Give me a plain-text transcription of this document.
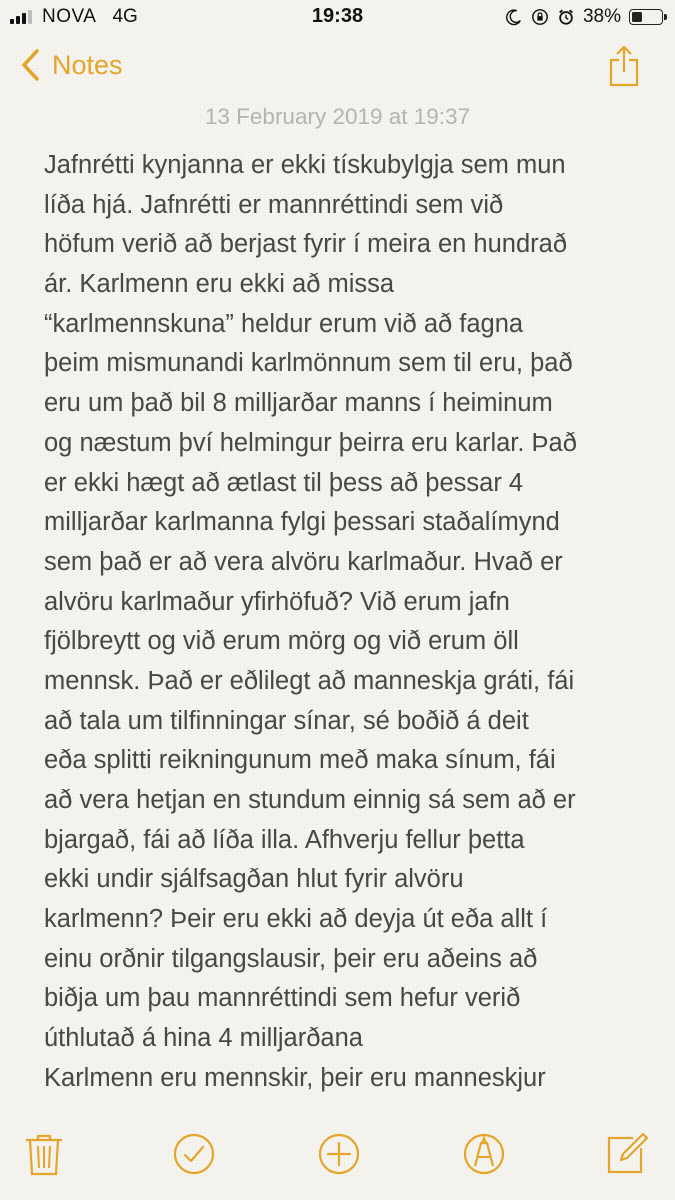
NOVA 4G	19:38	38%
Notes
13 February 2019 at 19:37
Jafnrétti kynjanna er ekki tískubylgja sem mun
líða hjá. Jafnrétti er mannréttindi sem við
höfum verið að berjast fyrir í meira en hundrað
ár. Karlmenn eru ekki að missa
“karlmennskuna” heldur erum við að fagna
þeim mismunandi karlmönnum sem til eru, það
eru um það bil 8 milljarðar manns í heiminum
og næstum því helmingur þeirra eru karlar. Það
er ekki hægt að ætlast til þess að þessar 4
milljarðar karlmanna fylgi þessari staðalímynd
sem það er að vera alvöru karlmaður. Hvað er
alvöru karlmaður yfirhöfuð? Við erum jafn
fjölbreytt og við erum mörg og við erum öll
mennsk. Það er eðlilegt að manneskja gráti, fái
að tala um tilfinningar sínar, sé boðið á deit
eða splitti reikningunum með maka sínum, fái
að vera hetjan en stundum einnig sá sem að er
bjargað, fái að líða illa. Afhverju fellur þetta
ekki undir sjálfsagðan hlut fyrir alvöru
karlmenn? Þeir eru ekki að deyja út eða allt í
einu orðnir tilgangslausir, þeir eru aðeins að
biðja um þau mannréttindi sem hefur verið
úthlutað á hina 4 milljarðana
Karlmenn eru mennskir, þeir eru manneskjur
